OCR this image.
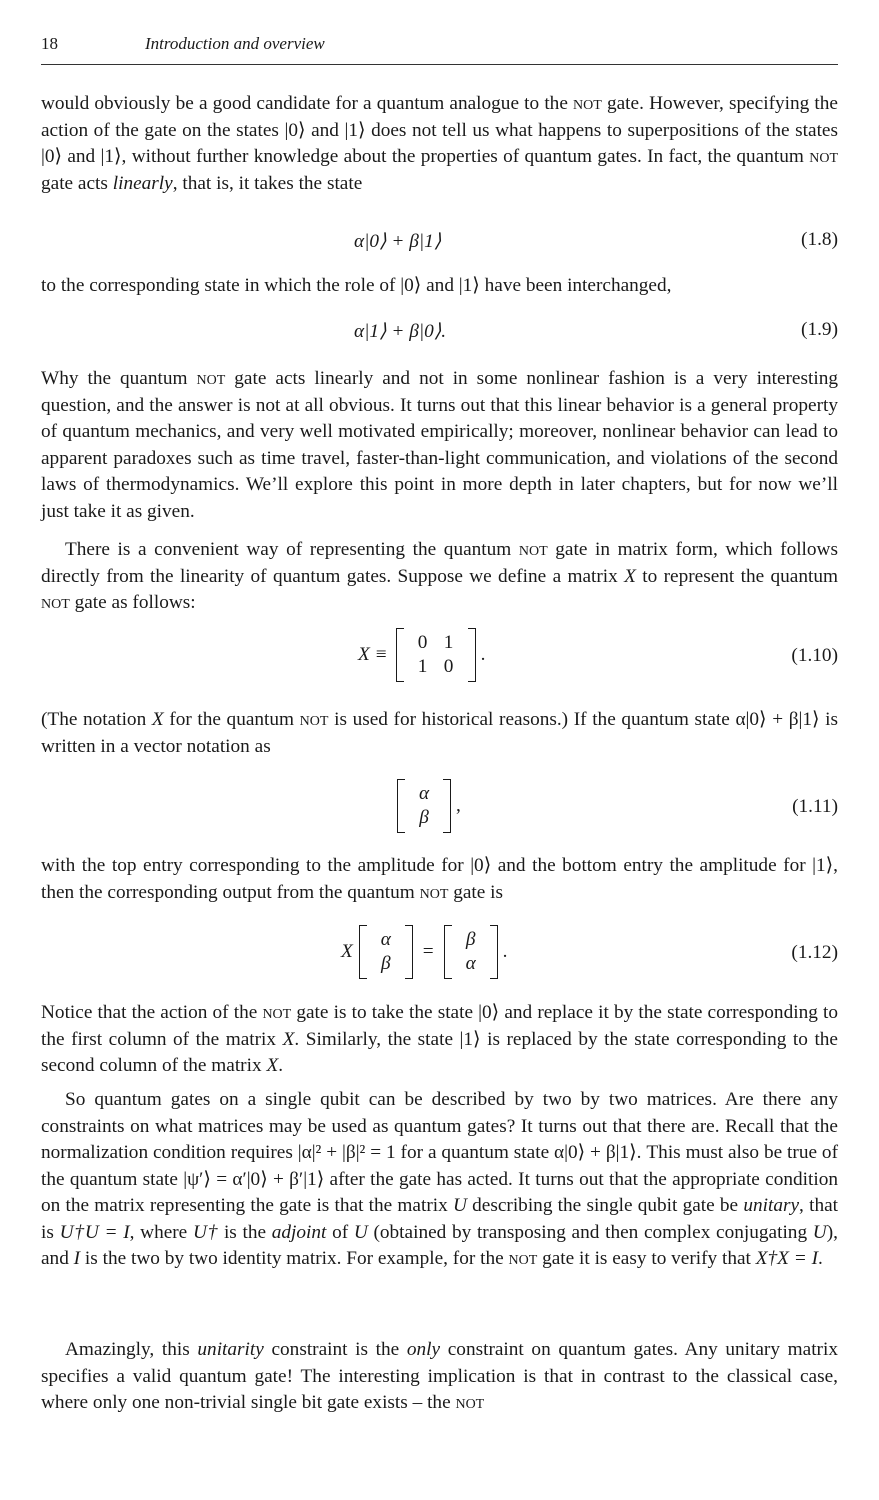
18	Introduction and overview

would obviously be a good candidate for a quantum analogue to the not gate. However, specifying the action of the gate on the states |0⟩ and |1⟩ does not tell us what happens to superpositions of the states |0⟩ and |1⟩, without further knowledge about the properties of quantum gates. In fact, the quantum not gate acts linearly, that is, it takes the state

α|0⟩ + β|1⟩	(1.8)

to the corresponding state in which the role of |0⟩ and |1⟩ have been interchanged,

α|1⟩ + β|0⟩.	(1.9)

Why the quantum not gate acts linearly and not in some nonlinear fashion is a very interesting question, and the answer is not at all obvious. It turns out that this linear behavior is a general property of quantum mechanics, and very well motivated empirically; moreover, nonlinear behavior can lead to apparent paradoxes such as time travel, faster-than-light communication, and violations of the second laws of thermodynamics. We’ll explore this point in more depth in later chapters, but for now we’ll just take it as given.

There is a convenient way of representing the quantum not gate in matrix form, which follows directly from the linearity of quantum gates. Suppose we define a matrix X to represent the quantum not gate as follows:

X ≡
0 1
1 0
.	(1.10)

(The notation X for the quantum not is used for historical reasons.) If the quantum state α|0⟩ + β|1⟩ is written in a vector notation as

α
β
,	(1.11)

with the top entry corresponding to the amplitude for |0⟩ and the bottom entry the amplitude for |1⟩, then the corresponding output from the quantum not gate is

X
α
β
=
β
α
.	(1.12)

Notice that the action of the not gate is to take the state |0⟩ and replace it by the state corresponding to the first column of the matrix X. Similarly, the state |1⟩ is replaced by the state corresponding to the second column of the matrix X.

So quantum gates on a single qubit can be described by two by two matrices. Are there any constraints on what matrices may be used as quantum gates? It turns out that there are. Recall that the normalization condition requires |α|² + |β|² = 1 for a quantum state α|0⟩ + β|1⟩. This must also be true of the quantum state |ψ′⟩ = α′|0⟩ + β′|1⟩ after the gate has acted. It turns out that the appropriate condition on the matrix representing the gate is that the matrix U describing the single qubit gate be unitary, that is U†U = I, where U† is the adjoint of U (obtained by transposing and then complex conjugating U), and I is the two by two identity matrix. For example, for the not gate it is easy to verify that X†X = I.

Amazingly, this unitarity constraint is the only constraint on quantum gates. Any unitary matrix specifies a valid quantum gate! The interesting implication is that in contrast to the classical case, where only one non-trivial single bit gate exists – the not
